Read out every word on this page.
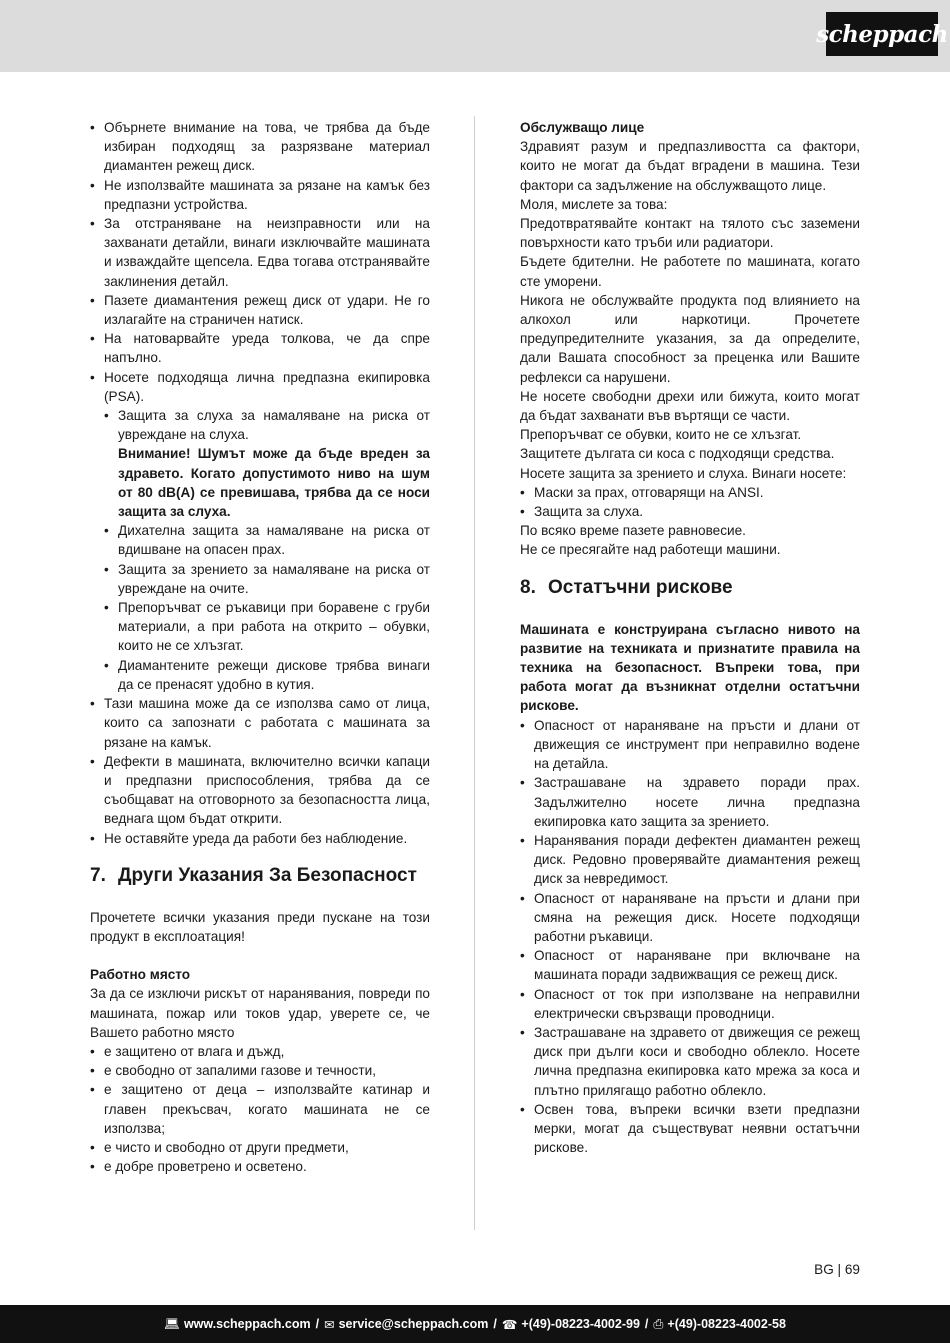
scheppach
• Обърнете внимание на това, че трябва да бъде избиран подходящ за разрязване материал диамантен режещ диск.
• Не използвайте машината за рязане на камък без предпазни устройства.
• За отстраняване на неизправности или на захванати детайли, винаги изключвайте машината и изваждайте щепсела. Едва тогава отстранявайте заклинения детайл.
• Пазете диамантения режещ диск от удари. Не го излагайте на страничен натиск.
• На натоварвайте уреда толкова, че да спре напълно.
• Носете подходяща лична предпазна екипировка (PSA).
• Защита за слуха за намаляване на риска от увреждане на слуха.
Внимание! Шумът може да бъде вреден за здравето. Когато допустимото ниво на шум от 80 dB(A) се превишава, трябва да се носи защита за слуха.
• Дихателна защита за намаляване на риска от вдишване на опасен прах.
• Защита за зрението за намаляване на риска от увреждане на очите.
• Препоръчват се ръкавици при боравене с груби материали, а при работа на открито – обувки, които не се хлъзгат.
• Диамантените режещи дискове трябва винаги да се пренасят удобно в кутия.
• Тази машина може да се използва само от лица, които са запознати с работата с машината за рязане на камък.
• Дефекти в машината, включително всички капаци и предпазни приспособления, трябва да се съобщават на отговорното за безопасността лица, веднага щом бъдат открити.
• Не оставяйте уреда да работи без наблюдение.
7. Други Указания За Безопасност

Прочетете всички указания преди пускане на този продукт в експлоатация!

Работно място

За да се изключи рискът от наранявания, повреди по машината, пожар или токов удар, уверете се, че Вашето работно място

• е защитено от влага и дъжд,
• е свободно от запалими газове и течности,
• е защитено от деца – използвайте катинар и главен прекъсвач, когато машината не се използва;
• е чисто и свободно от други предмети,
• е добре проветрено и осветено.
Обслужващо лице

Здравият разум и предпазливостта са фактори, които не могат да бъдат вградени в машина. Тези фактори са задължение на обслужващото лице.

Моля, мислете за това:

Предотвратявайте контакт на тялото със заземени повърхности като тръби или радиатори.

Бъдете бдителни. Не работете по машината, когато сте уморени.

Никога не обслужвайте продукта под влиянието на алкохол или наркотици. Прочетете предупредителните указания, за да определите, дали Вашата способност за преценка или Вашите рефлекси са нарушени.

Не носете свободни дрехи или бижута, които могат да бъдат захванати във въртящи се части.

Препоръчват се обувки, които не се хлъзгат.

Защитете дългата си коса с подходящи средства.

Носете защита за зрението и слуха. Винаги носете:

• Маски за прах, отговарящи на ANSI.
• Защита за слуха.

По всяко време пазете равновесие.

Не се пресягайте над работещи машини.

8. Остатъчни рискове

Машината е конструирана съгласно нивото на развитие на техниката и признатите правила на техника на безопасност. Въпреки това, при работа могат да възникнат отделни остатъчни рискове.

• Опасност от нараняване на пръсти и длани от движещия се инструмент при неправилно водене на детайла.
• Застрашаване на здравето поради прах. Задължително носете лична предпазна екипировка като защита за зрението.
• Наранявания поради дефектен диамантен режещ диск. Редовно проверявайте диамантения режещ диск за невредимост.
• Опасност от нараняване на пръсти и длани при смяна на режещия диск. Носете подходящи работни ръкавици.
• Опасност от нараняване при включване на машината поради задвижващия се режещ диск.
• Опасност от ток при използване на неправилни електрически свързващи проводници.
• Застрашаване на здравето от движещия се режещ диск при дълги коси и свободно облекло. Носете лична предпазна екипировка като мрежа за коса и плътно прилягащо работно облекло.
• Освен това, въпреки всички взети предпазни мерки, могат да съществуват неявни остатъчни рискове.
BG | 69
💻︎ www.scheppach.com / ✉︎ service@scheppach.com / ☎︎ +(49)-08223-4002-99 / ⎙︎ +(49)-08223-4002-58
